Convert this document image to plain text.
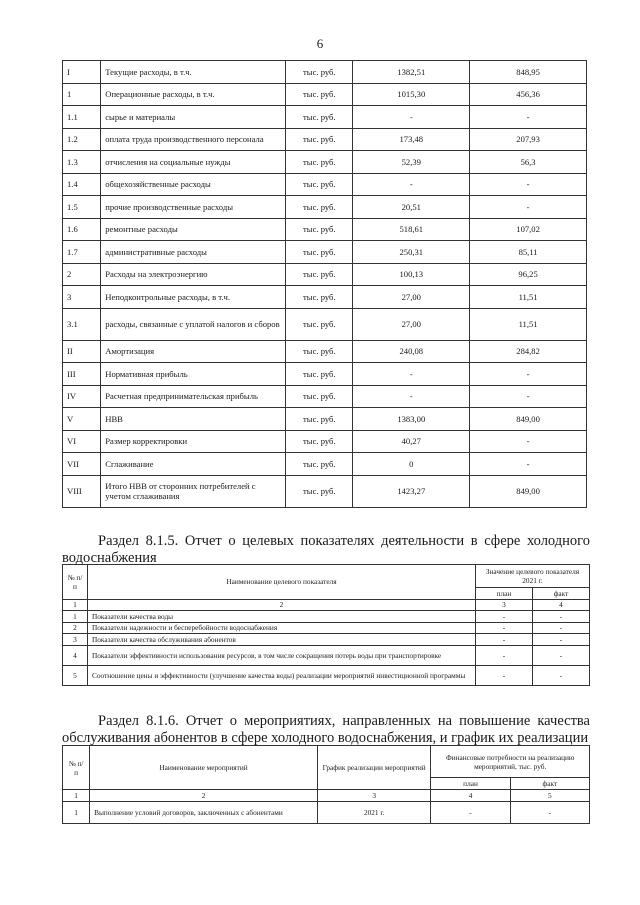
6
I	Текущие расходы, в т.ч.	тыс. руб.	1382,51	848,95
1	Операционные расходы, в т.ч.	тыс. руб.	1015,30	456,36
1.1	сырье и материалы	тыс. руб.	-	-
1.2	оплата труда производственного персонала	тыс. руб.	173,48	207,93
1.3	отчисления на социальные нужды	тыс. руб.	52,39	56,3
1.4	общехозяйственные расходы	тыс. руб.	-	-
1.5	прочие производственные расходы	тыс. руб.	20,51	-
1.6	ремонтные расходы	тыс. руб.	518,61	107,02
1.7	административные расходы	тыс. руб.	250,31	85,11
2	Расходы на электроэнергию	тыс. руб.	100,13	96,25
3	Неподконтрольные расходы, в т.ч.	тыс. руб.	27,00	11,51
3.1	расходы, связанные с уплатой налогов и сборов	тыс. руб.	27,00	11,51
II	Амортизация	тыс. руб.	240,08	284,82
III	Нормативная прибыль	тыс. руб.	-	-
IV	Расчетная предпринимательская прибыль	тыс. руб.	-	-
V	НВВ	тыс. руб.	1383,00	849,00
VI	Размер корректировки	тыс. руб.	40,27	-
VII	Сглаживание	тыс. руб.	0	-
VIII	Итого НВВ от сторонних потребителей с учетом сглаживания	тыс. руб.	1423,27	849,00
Раздел 8.1.5. Отчет о целевых показателях деятельности в сфере холодного
водоснабжения
№ п/п	Наименование целевого показателя	Значение целевого показателя 2021 г.	
		план	факт
1	2	3	4
1	Показатели качества воды	-	-
2	Показатели надежности и бесперебойности водоснабжения	-	-
3	Показатели качества обслуживания абонентов	-	-
4	Показатели эффективности использования ресурсов, в том числе сокращения потерь воды при транспортировке	-	-
5	Соотношение цены и эффективности (улучшение качества воды) реализации мероприятий инвестиционной программы	-	-
Раздел 8.1.6. Отчет о мероприятиях, направленных на повышение качества
обслуживания абонентов в сфере холодного водоснабжения, и график их реализации
№ п/п	Наименование мероприятий	График реализации мероприятий	Финансовые потребности на реализацию мероприятий, тыс. руб.	
			план	факт
1	2	3	4	5
1	Выполнение условий договоров, заключенных с абонентами	2021 г.	-	-
